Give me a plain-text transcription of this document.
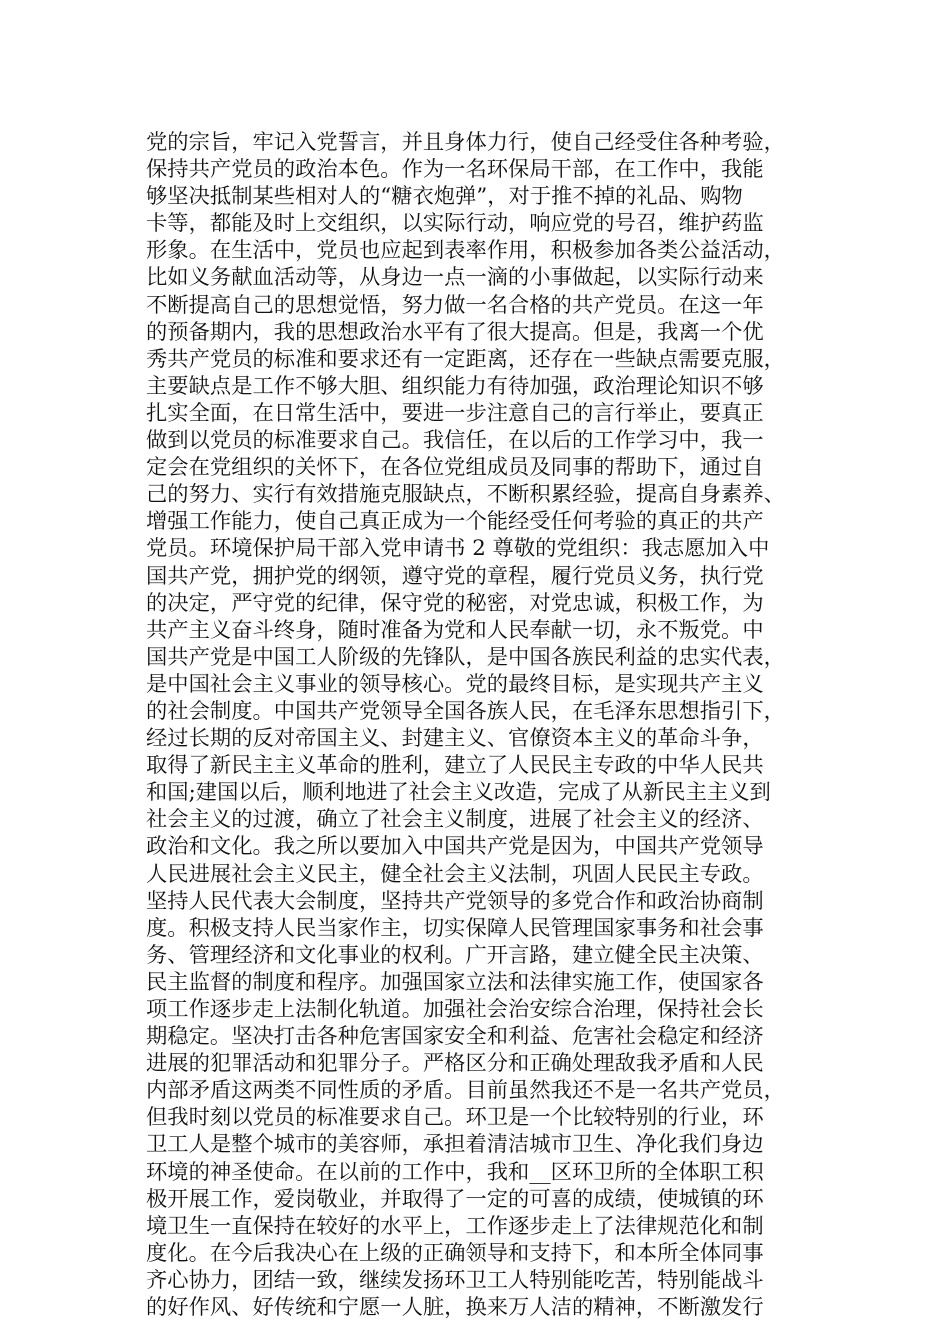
党的宗旨，牢记入党誓言，并且身体力行，使自己经受住各种考验，
保持共产党员的政治本色。作为一名环保局干部，在工作中，我能
够坚决抵制某些相对人的“糖衣炮弹”，对于推不掉的礼品、购物
卡等，都能及时上交组织，以实际行动，响应党的号召，维护药监
形象。在生活中，党员也应起到表率作用，积极参加各类公益活动，
比如义务献血活动等，从身边一点一滴的小事做起，以实际行动来
不断提高自己的思想觉悟，努力做一名合格的共产党员。在这一年
的预备期内，我的思想政治水平有了很大提高。但是，我离一个优
秀共产党员的标准和要求还有一定距离，还存在一些缺点需要克服，
主要缺点是工作不够大胆、组织能力有待加强，政治理论知识不够
扎实全面，在日常生活中，要进一步注意自己的言行举止，要真正
做到以党员的标准要求自己。我信任，在以后的工作学习中，我一
定会在党组织的关怀下，在各位党组成员及同事的帮助下，通过自
己的努力、实行有效措施克服缺点，不断积累经验，提高自身素养、
增强工作能力，使自己真正成为一个能经受任何考验的真正的共产
党员。环境保护局干部入党申请书 2 尊敬的党组织：我志愿加入中
国共产党，拥护党的纲领，遵守党的章程，履行党员义务，执行党
的决定，严守党的纪律，保守党的秘密，对党忠诚，积极工作，为
共产主义奋斗终身，随时准备为党和人民奉献一切，永不叛党。中
国共产党是中国工人阶级的先锋队，是中国各族民利益的忠实代表，
是中国社会主义事业的领导核心。党的最终目标，是实现共产主义
的社会制度。中国共产党领导全国各族人民，在毛泽东思想指引下，
经过长期的反对帝国主义、封建主义、官僚资本主义的革命斗争，
取得了新民主主义革命的胜利，建立了人民民主专政的中华人民共
和国;建国以后，顺利地进了社会主义改造，完成了从新民主主义到
社会主义的过渡，确立了社会主义制度，进展了社会主义的经济、
政治和文化。我之所以要加入中国共产党是因为，中国共产党领导
人民进展社会主义民主，健全社会主义法制，巩固人民民主专政。
坚持人民代表大会制度，坚持共产党领导的多党合作和政治协商制
度。积极支持人民当家作主，切实保障人民管理国家事务和社会事
务、管理经济和文化事业的权利。广开言路，建立健全民主决策、
民主监督的制度和程序。加强国家立法和法律实施工作，使国家各
项工作逐步走上法制化轨道。加强社会治安综合治理，保持社会长
期稳定。坚决打击各种危害国家安全和利益、危害社会稳定和经济
进展的犯罪活动和犯罪分子。严格区分和正确处理敌我矛盾和人民
内部矛盾这两类不同性质的矛盾。目前虽然我还不是一名共产党员，
但我时刻以党员的标准要求自己。环卫是一个比较特别的行业，环
卫工人是整个城市的美容师，承担着清洁城市卫生、净化我们身边
环境的神圣使命。在以前的工作中，我和__区环卫所的全体职工积
极开展工作，爱岗敬业，并取得了一定的可喜的成绩，使城镇的环
境卫生一直保持在较好的水平上，工作逐步走上了法律规范化和制
度化。在今后我决心在上级的正确领导和支持下，和本所全体同事
齐心协力，团结一致，继续发扬环卫工人特别能吃苦，特别能战斗
的好作风、好传统和宁愿一人脏，换来万人洁的精神，不断激发行
